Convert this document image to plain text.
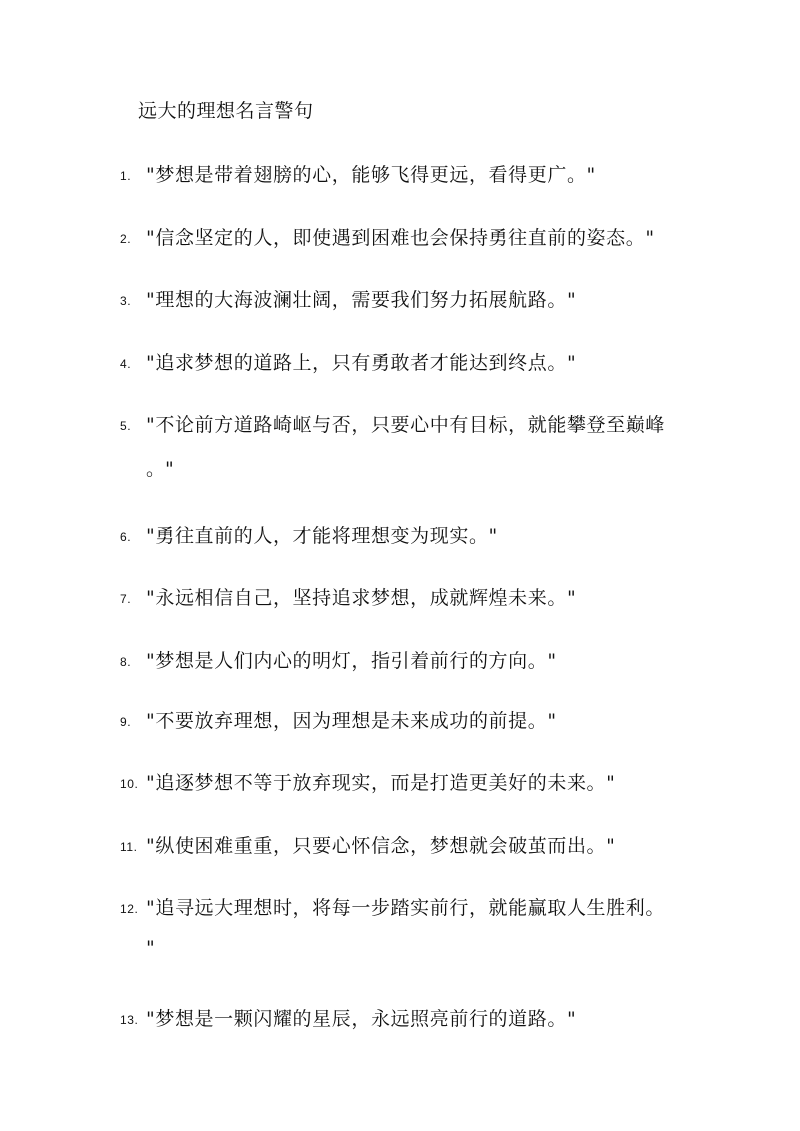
远大的理想名言警句
1. "梦想是带着翅膀的心，能够飞得更远，看得更广。"
2. "信念坚定的人，即使遇到困难也会保持勇往直前的姿态。"
3. "理想的大海波澜壮阔，需要我们努力拓展航路。"
4. "追求梦想的道路上，只有勇敢者才能达到终点。"
5. "不论前方道路崎岖与否，只要心中有目标，就能攀登至巅峰
。"
6. "勇往直前的人，才能将理想变为现实。"
7. "永远相信自己，坚持追求梦想，成就辉煌未来。"
8. "梦想是人们内心的明灯，指引着前行的方向。"
9. "不要放弃理想，因为理想是未来成功的前提。"
10. "追逐梦想不等于放弃现实，而是打造更美好的未来。"
11. "纵使困难重重，只要心怀信念，梦想就会破茧而出。"
12. "追寻远大理想时，将每一步踏实前行，就能赢取人生胜利。
"
13. "梦想是一颗闪耀的星辰，永远照亮前行的道路。"
